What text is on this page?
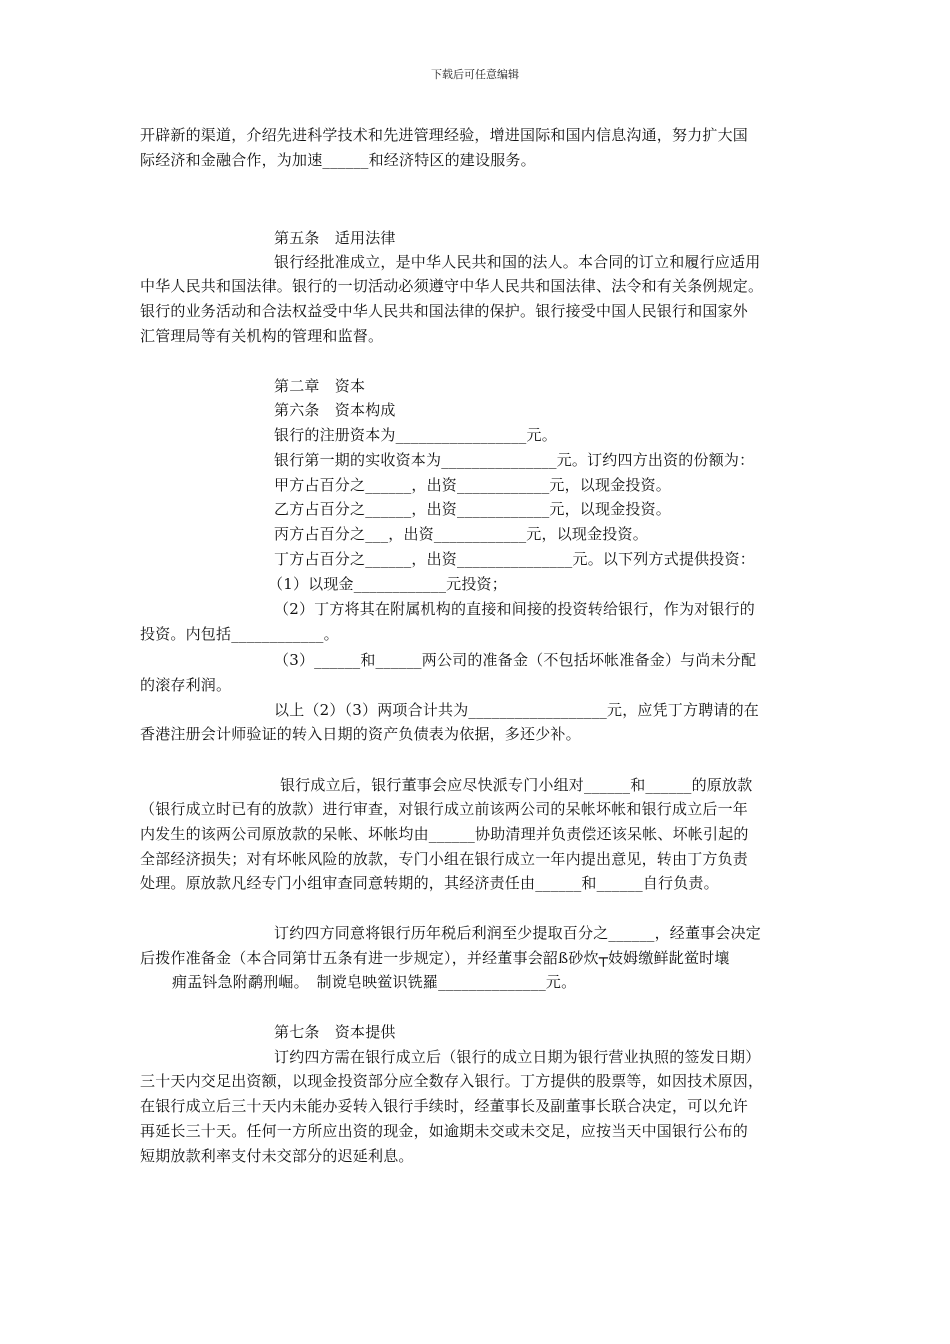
下载后可任意编辑
开辟新的渠道，介绍先进科学技术和先进管理经验，增进国际和国内信息沟通，努力扩大国
际经济和金融合作，为加速______和经济特区的建设服务。
第五条　适用法律
银行经批准成立，是中华人民共和国的法人。本合同的订立和履行应适用
中华人民共和国法律。银行的一切活动必须遵守中华人民共和国法律、法令和有关条例规定。
银行的业务活动和合法权益受中华人民共和国法律的保护。银行接受中国人民银行和国家外
汇管理局等有关机构的管理和监督。
第二章　资本
第六条　资本构成
银行的注册资本为_________________元。
银行第一期的实收资本为_______________元。订约四方出资的份额为：
甲方占百分之______，出资____________元，以现金投资。
乙方占百分之______，出资____________元，以现金投资。
丙方占百分之___，出资____________元，以现金投资。
丁方占百分之______，出资_______________元。以下列方式提供投资：
（1）以现金____________元投资；
（2）丁方将其在附属机构的直接和间接的投资转给银行，作为对银行的
投资。内包括____________。
（3）______和______两公司的准备金（不包括坏帐准备金）与尚未分配
的滚存利润。
以上（2）（3）两项合计共为__________________元，应凭丁方聘请的在
香港注册会计师验证的转入日期的资产负债表为依据，多还少补。
银行成立后，银行董事会应尽快派专门小组对______和______的原放款
（银行成立时已有的放款）进行审查，对银行成立前该两公司的呆帐坏帐和银行成立后一年
内发生的该两公司原放款的呆帐、坏帐均由______协助清理并负责偿还该呆帐、坏帐引起的
全部经济损失；对有坏帐风险的放款，专门小组在银行成立一年内提出意见，转由丁方负责
处理。原放款凡经专门小组审查同意转期的，其经济责任由______和______自行负责。
订约四方同意将银行历年税后利润至少提取百分之______，经董事会决定
后拨作准备金（本合同第廿五条有进一步规定），并经董事会韶ß砂炊┬妓姆缴鲜龀鲎时壤
痈盂钭急附鹬刑崛。　制谠皂映鲎识铣羅______________元。
第七条　资本提供
订约四方需在银行成立后（银行的成立日期为银行营业执照的签发日期）
三十天内交足出资额，以现金投资部分应全数存入银行。丁方提供的股票等，如因技术原因，
在银行成立后三十天内未能办妥转入银行手续时，经董事长及副董事长联合决定，可以允许
再延长三十天。任何一方所应出资的现金，如逾期未交或未交足，应按当天中国银行公布的
短期放款利率支付未交部分的迟延利息。
